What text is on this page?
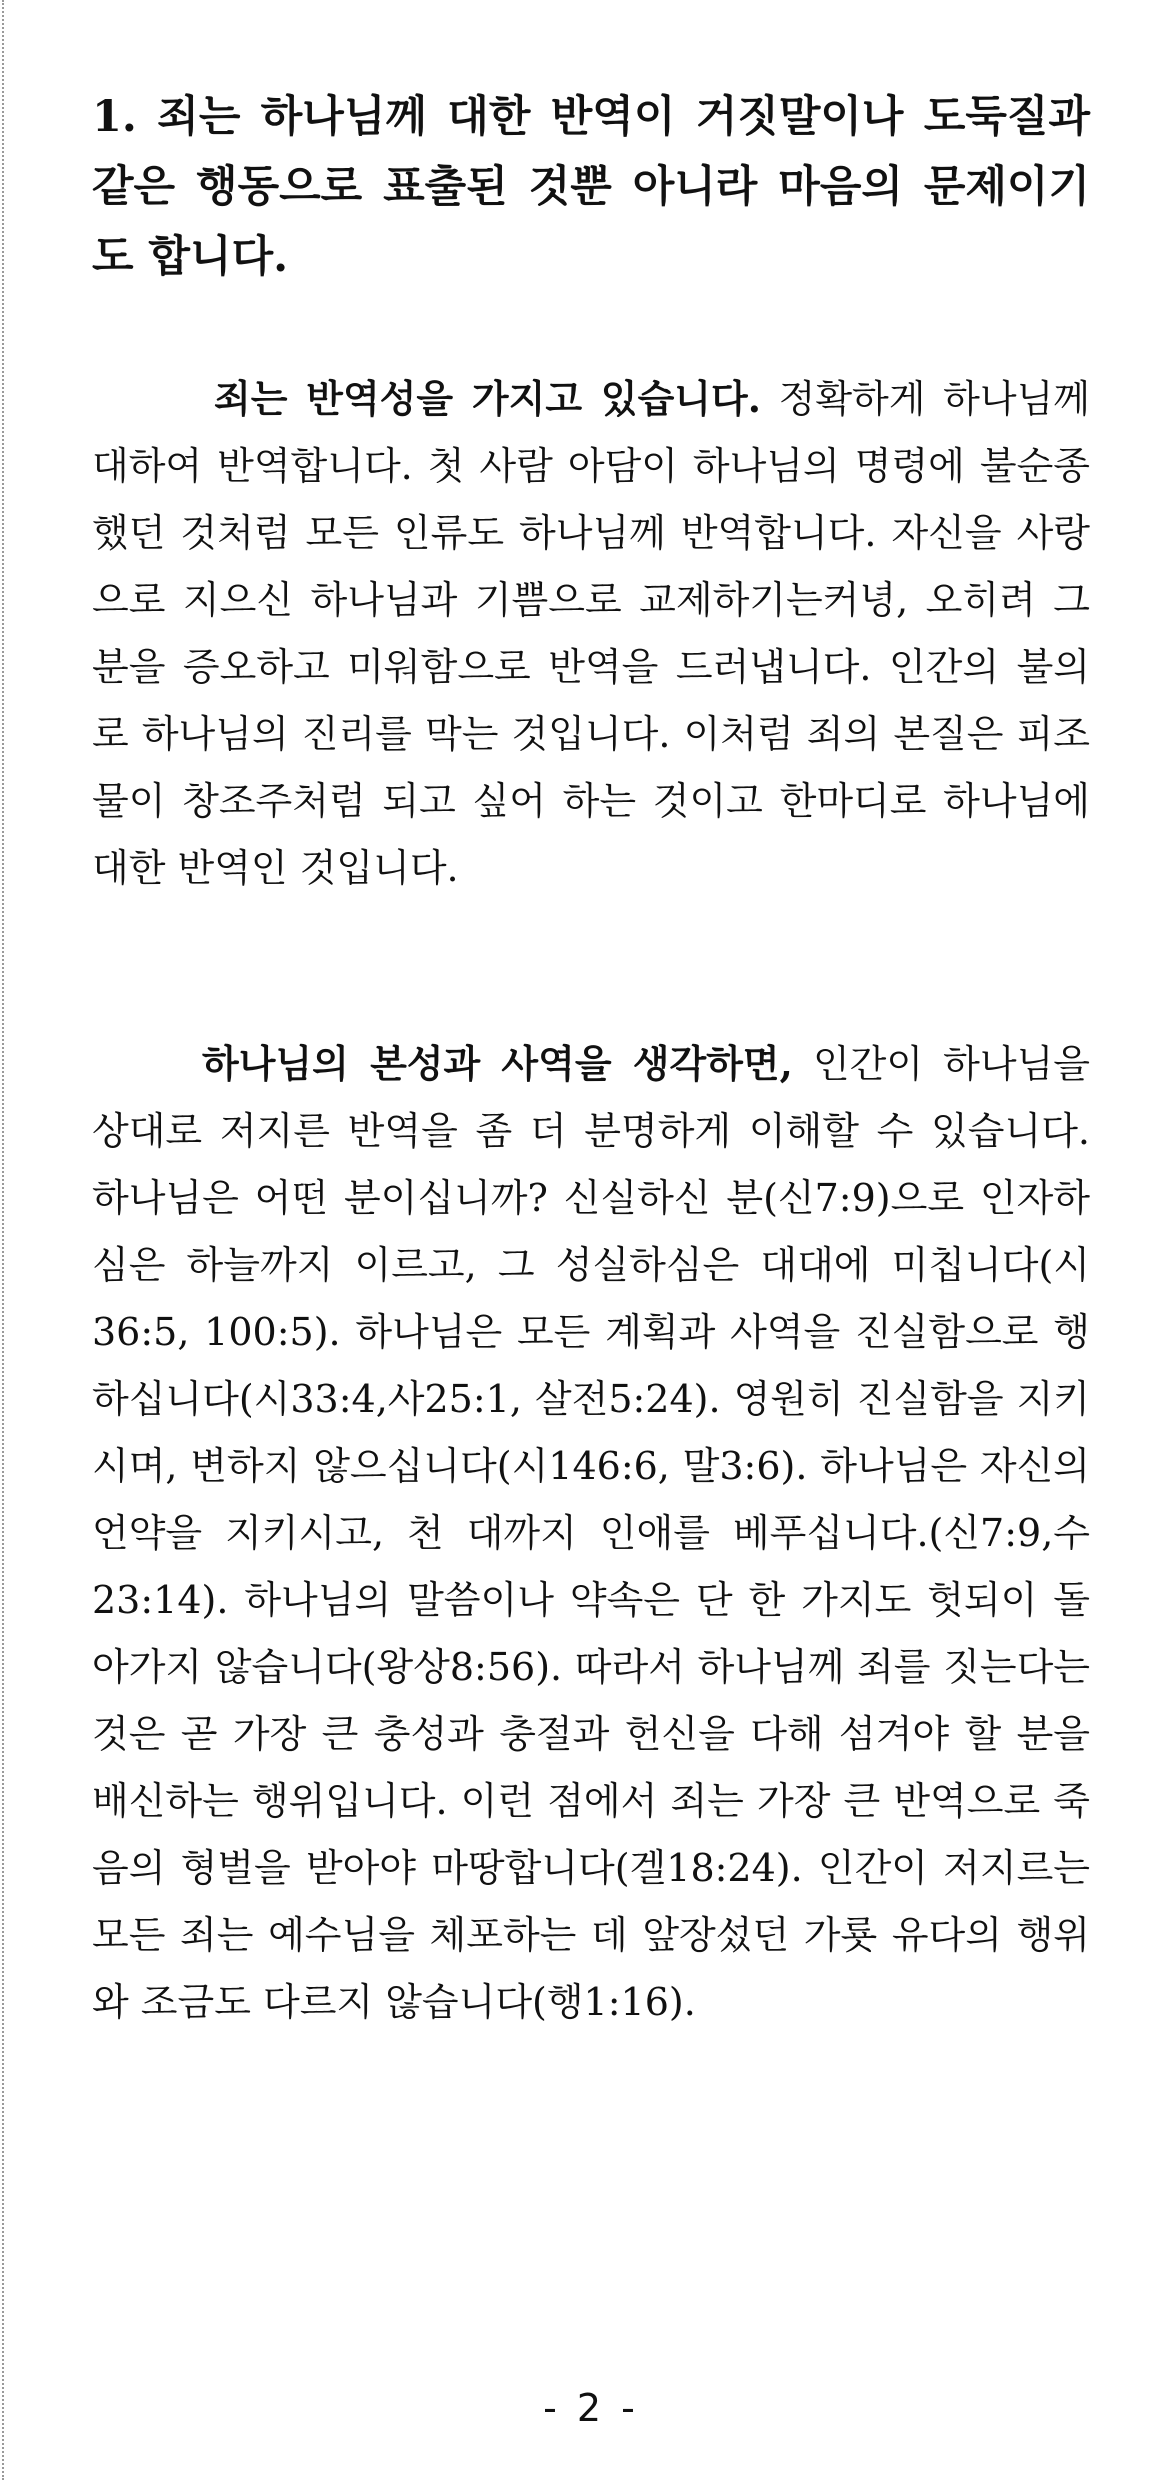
1. 죄는 하나님께 대한 반역이 거짓말이나 도둑질과 같은 행동으로 표출된 것뿐 아니라 마음의 문제이기도 합니다.

죄는 반역성을 가지고 있습니다. 정확하게 하나님께 대하여 반역합니다. 첫 사람 아담이 하나님의 명령에 불순종했던 것처럼 모든 인류도 하나님께 반역합니다. 자신을 사랑으로 지으신 하나님과 기쁨으로 교제하기는커녕, 오히려 그 분을 증오하고 미워함으로 반역을 드러냅니다. 인간의 불의로 하나님의 진리를 막는 것입니다. 이처럼 죄의 본질은 피조물이 창조주처럼 되고 싶어 하는 것이고 한마디로 하나님에 대한 반역인 것입니다.

하나님의 본성과 사역을 생각하면, 인간이 하나님을 상대로 저지른 반역을 좀 더 분명하게 이해할 수 있습니다. 하나님은 어떤 분이십니까? 신실하신 분(신7:9)으로 인자하심은 하늘까지 이르고, 그 성실하심은 대대에 미칩니다(시36:5, 100:5). 하나님은 모든 계획과 사역을 진실함으로 행하십니다(시33:4,사25:1, 살전5:24). 영원히 진실함을 지키시며, 변하지 않으십니다(시146:6, 말3:6). 하나님은 자신의 언약을 지키시고, 천 대까지 인애를 베푸십니다.(신7:9,수23:14). 하나님의 말씀이나 약속은 단 한 가지도 헛되이 돌아가지 않습니다(왕상8:56). 따라서 하나님께 죄를 짓는다는 것은 곧 가장 큰 충성과 충절과 헌신을 다해 섬겨야 할 분을 배신하는 행위입니다. 이런 점에서 죄는 가장 큰 반역으로 죽음의 형벌을 받아야 마땅합니다(겔18:24). 인간이 저지르는 모든 죄는 예수님을 체포하는 데 앞장섰던 가룟 유다의 행위와 조금도 다르지 않습니다(행1:16).

- 2 -
